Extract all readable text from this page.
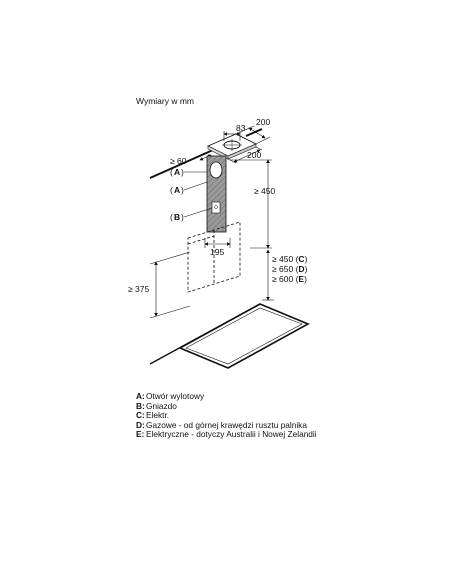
Wymiary w mm
200
83
200
≥ 60
A
A
B
( )
( )
( )
195
≥ 450
≥ 450 (C)
≥ 650 (D)
≥ 600 (E)
≥ 375
A: Otwór wylotowy
B: Gniazdo
C: Elektr.
D: Gazowe - od górnej krawędzi rusztu palnika
E: Elektryczne - dotyczy Australii i Nowej Zelandii
